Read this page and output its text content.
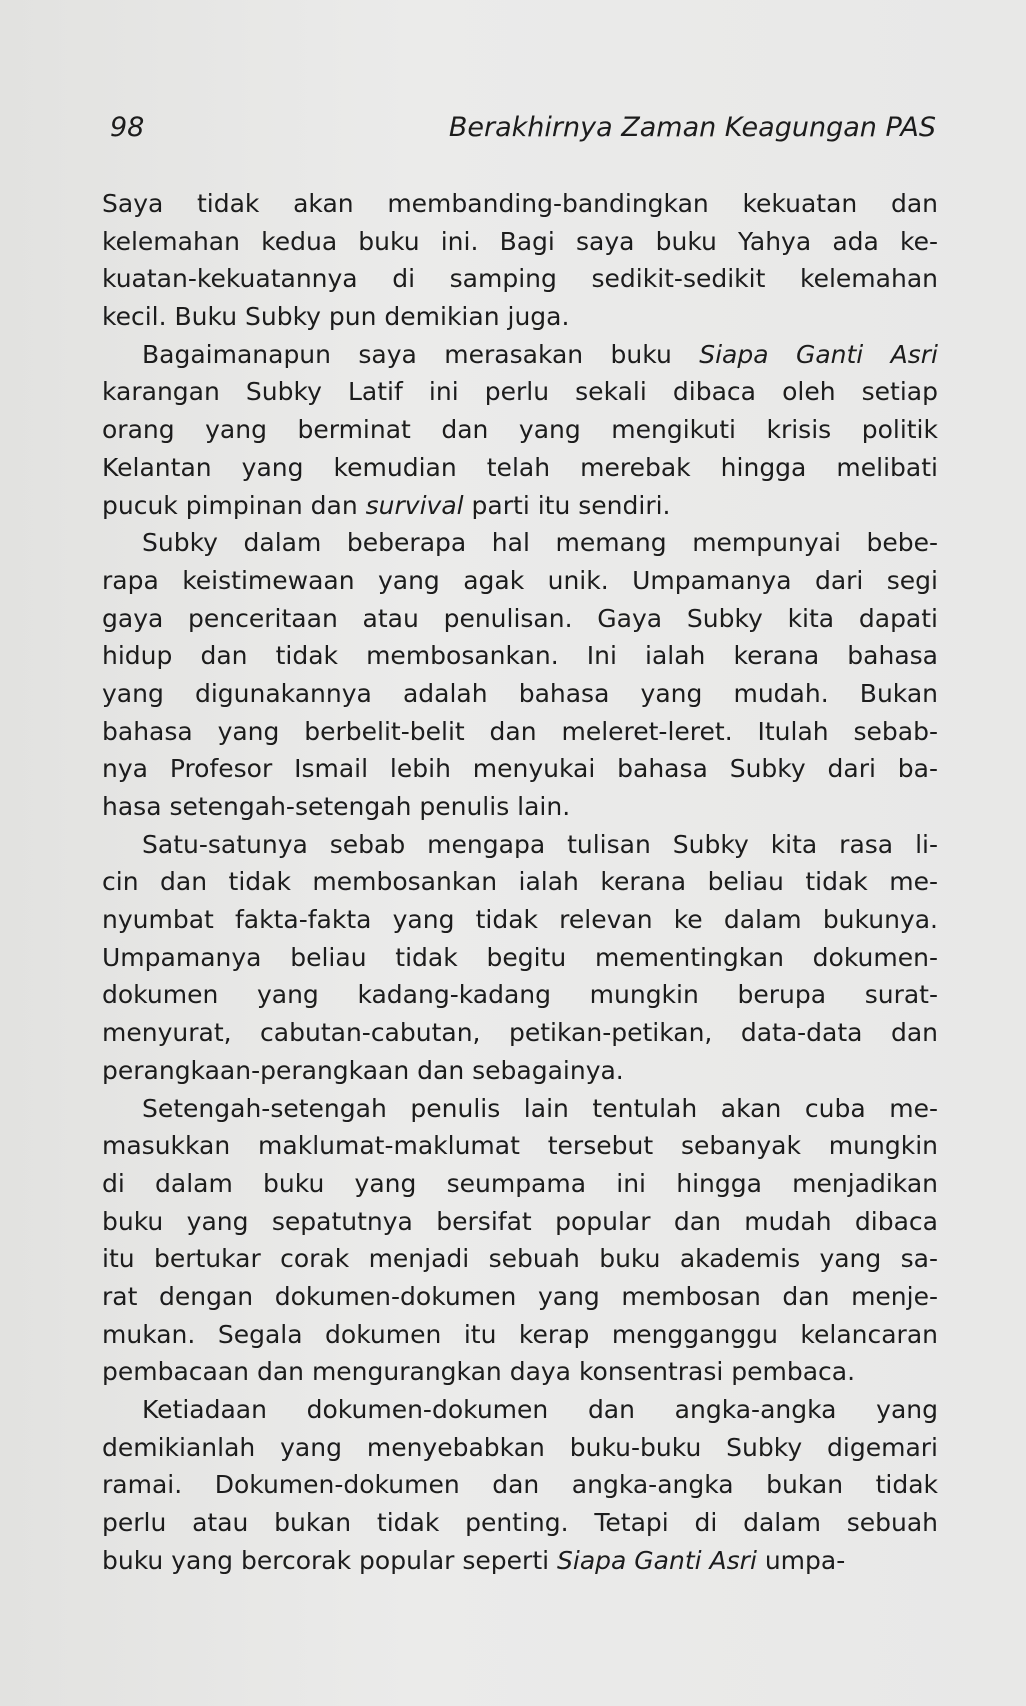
98	Berakhirnya Zaman Keagungan PAS
Saya tidak akan membanding-bandingkan kekuatan dan
kelemahan kedua buku ini. Bagi saya buku Yahya ada ke-
kuatan-kekuatannya di samping sedikit-sedikit kelemahan
kecil. Buku Subky pun demikian juga.
Bagaimanapun saya merasakan buku Siapa Ganti Asri
karangan Subky Latif ini perlu sekali dibaca oleh setiap
orang yang berminat dan yang mengikuti krisis politik
Kelantan yang kemudian telah merebak hingga melibati
pucuk pimpinan dan survival parti itu sendiri.
Subky dalam beberapa hal memang mempunyai bebe-
rapa keistimewaan yang agak unik. Umpamanya dari segi
gaya penceritaan atau penulisan. Gaya Subky kita dapati
hidup dan tidak membosankan. Ini ialah kerana bahasa
yang digunakannya adalah bahasa yang mudah. Bukan
bahasa yang berbelit-belit dan meleret-leret. Itulah sebab-
nya Profesor Ismail lebih menyukai bahasa Subky dari ba-
hasa setengah-setengah penulis lain.
Satu-satunya sebab mengapa tulisan Subky kita rasa li-
cin dan tidak membosankan ialah kerana beliau tidak me-
nyumbat fakta-fakta yang tidak relevan ke dalam bukunya.
Umpamanya beliau tidak begitu mementingkan dokumen-
dokumen yang kadang-kadang mungkin berupa surat-
menyurat, cabutan-cabutan, petikan-petikan, data-data dan
perangkaan-perangkaan dan sebagainya.
Setengah-setengah penulis lain tentulah akan cuba me-
masukkan maklumat-maklumat tersebut sebanyak mungkin
di dalam buku yang seumpama ini hingga menjadikan
buku yang sepatutnya bersifat popular dan mudah dibaca
itu bertukar corak menjadi sebuah buku akademis yang sa-
rat dengan dokumen-dokumen yang membosan dan menje-
mukan. Segala dokumen itu kerap mengganggu kelancaran
pembacaan dan mengurangkan daya konsentrasi pembaca.
Ketiadaan dokumen-dokumen dan angka-angka yang
demikianlah yang menyebabkan buku-buku Subky digemari
ramai. Dokumen-dokumen dan angka-angka bukan tidak
perlu atau bukan tidak penting. Tetapi di dalam sebuah
buku yang bercorak popular seperti Siapa Ganti Asri umpa-
